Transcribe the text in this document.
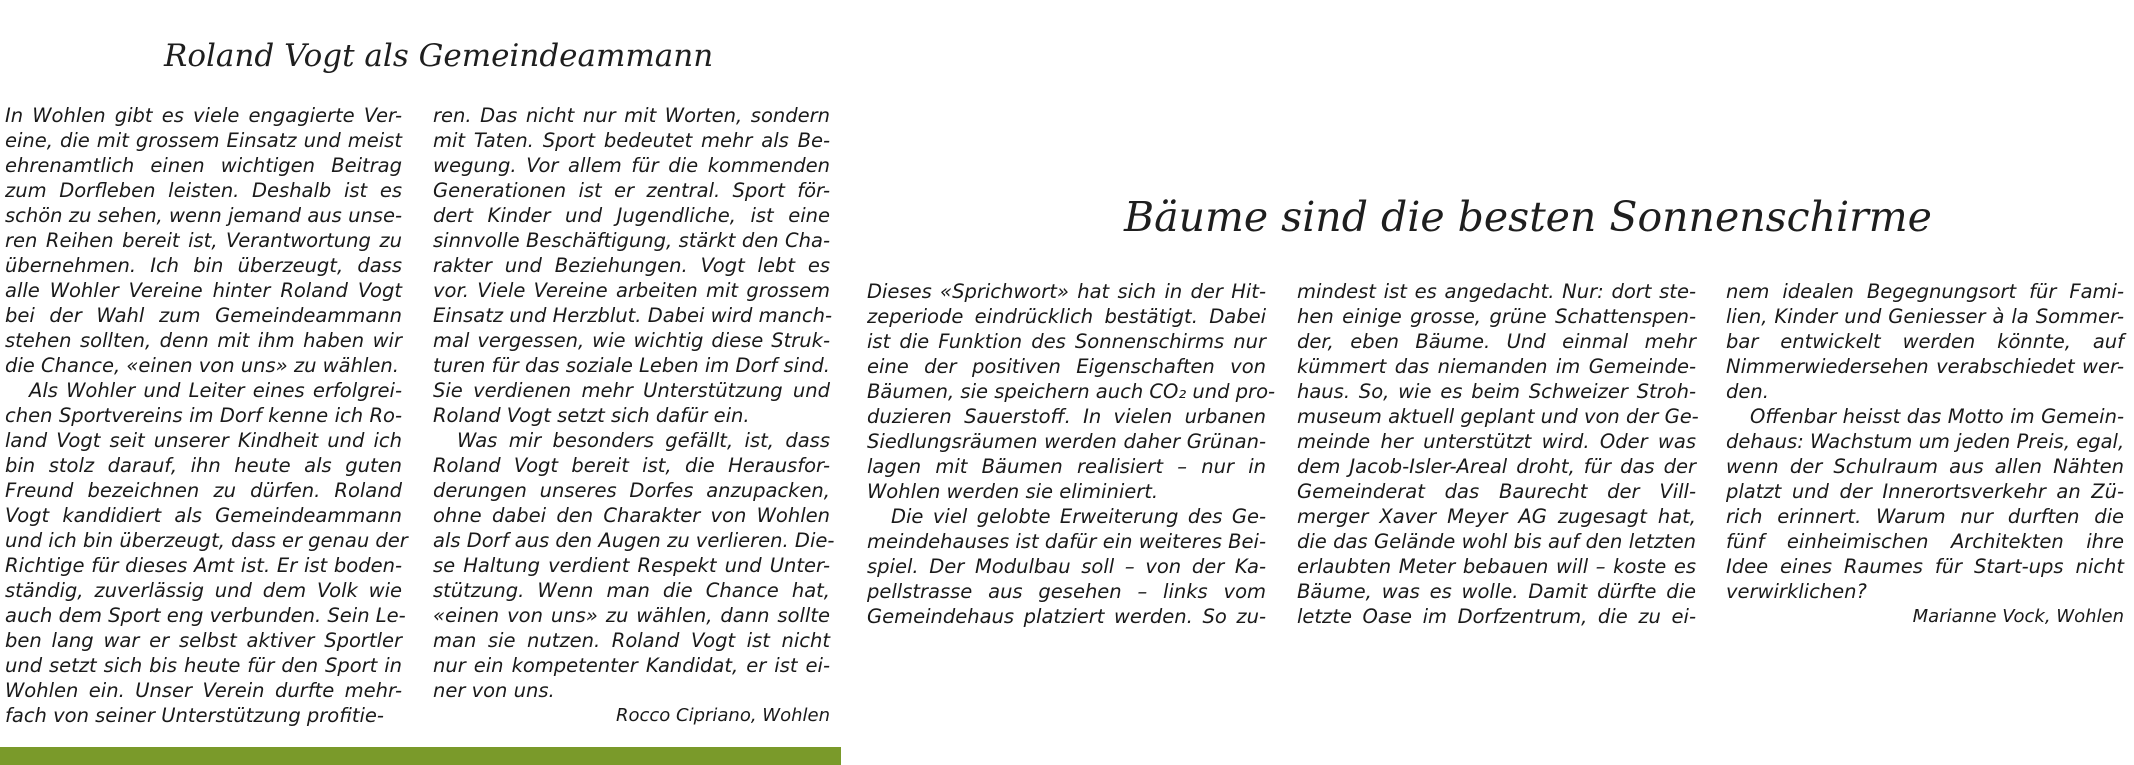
Roland Vogt als Gemeindeammann
In Wohlen gibt es viele engagierte Ver-
eine, die mit grossem Einsatz und meist
ehrenamtlich einen wichtigen Beitrag
zum Dorfleben leisten. Deshalb ist es
schön zu sehen, wenn jemand aus unse-
ren Reihen bereit ist, Verantwortung zu
übernehmen. Ich bin überzeugt, dass
alle Wohler Vereine hinter Roland Vogt
bei der Wahl zum Gemeindeammann
stehen sollten, denn mit ihm haben wir
die Chance, «einen von uns» zu wählen.
Als Wohler und Leiter eines erfolgrei-
chen Sportvereins im Dorf kenne ich Ro-
land Vogt seit unserer Kindheit und ich
bin stolz darauf, ihn heute als guten
Freund bezeichnen zu dürfen. Roland
Vogt kandidiert als Gemeindeammann
und ich bin überzeugt, dass er genau der
Richtige für dieses Amt ist. Er ist boden-
ständig, zuverlässig und dem Volk wie
auch dem Sport eng verbunden. Sein Le-
ben lang war er selbst aktiver Sportler
und setzt sich bis heute für den Sport in
Wohlen ein. Unser Verein durfte mehr-
fach von seiner Unterstützung profitie-
ren. Das nicht nur mit Worten, sondern
mit Taten. Sport bedeutet mehr als Be-
wegung. Vor allem für die kommenden
Generationen ist er zentral. Sport för-
dert Kinder und Jugendliche, ist eine
sinnvolle Beschäftigung, stärkt den Cha-
rakter und Beziehungen. Vogt lebt es
vor. Viele Vereine arbeiten mit grossem
Einsatz und Herzblut. Dabei wird manch-
mal vergessen, wie wichtig diese Struk-
turen für das soziale Leben im Dorf sind.
Sie verdienen mehr Unterstützung und
Roland Vogt setzt sich dafür ein.
Was mir besonders gefällt, ist, dass
Roland Vogt bereit ist, die Herausfor-
derungen unseres Dorfes anzupacken,
ohne dabei den Charakter von Wohlen
als Dorf aus den Augen zu verlieren. Die-
se Haltung verdient Respekt und Unter-
stützung. Wenn man die Chance hat,
«einen von uns» zu wählen, dann sollte
man sie nutzen. Roland Vogt ist nicht
nur ein kompetenter Kandidat, er ist ei-
ner von uns.
Rocco Cipriano, Wohlen
Bäume sind die besten Sonnenschirme
Dieses «Sprichwort» hat sich in der Hit-
zeperiode eindrücklich bestätigt. Dabei
ist die Funktion des Sonnenschirms nur
eine der positiven Eigenschaften von
Bäumen, sie speichern auch CO₂ und pro-
duzieren Sauerstoff. In vielen urbanen
Siedlungsräumen werden daher Grünan-
lagen mit Bäumen realisiert – nur in
Wohlen werden sie eliminiert.
Die viel gelobte Erweiterung des Ge-
meindehauses ist dafür ein weiteres Bei-
spiel. Der Modulbau soll – von der Ka-
pellstrasse aus gesehen – links vom
Gemeindehaus platziert werden. So zu-
mindest ist es angedacht. Nur: dort ste-
hen einige grosse, grüne Schattenspen-
der, eben Bäume. Und einmal mehr
kümmert das niemanden im Gemeinde-
haus. So, wie es beim Schweizer Stroh-
museum aktuell geplant und von der Ge-
meinde her unterstützt wird. Oder was
dem Jacob-Isler-Areal droht, für das der
Gemeinderat das Baurecht der Vill-
merger Xaver Meyer AG zugesagt hat,
die das Gelände wohl bis auf den letzten
erlaubten Meter bebauen will – koste es
Bäume, was es wolle. Damit dürfte die
letzte Oase im Dorfzentrum, die zu ei-
nem idealen Begegnungsort für Fami-
lien, Kinder und Geniesser à la Sommer-
bar entwickelt werden könnte, auf
Nimmerwiedersehen verabschiedet wer-
den.
Offenbar heisst das Motto im Gemein-
dehaus: Wachstum um jeden Preis, egal,
wenn der Schulraum aus allen Nähten
platzt und der Innerortsverkehr an Zü-
rich erinnert. Warum nur durften die
fünf einheimischen Architekten ihre
Idee eines Raumes für Start-ups nicht
verwirklichen?
Marianne Vock, Wohlen
